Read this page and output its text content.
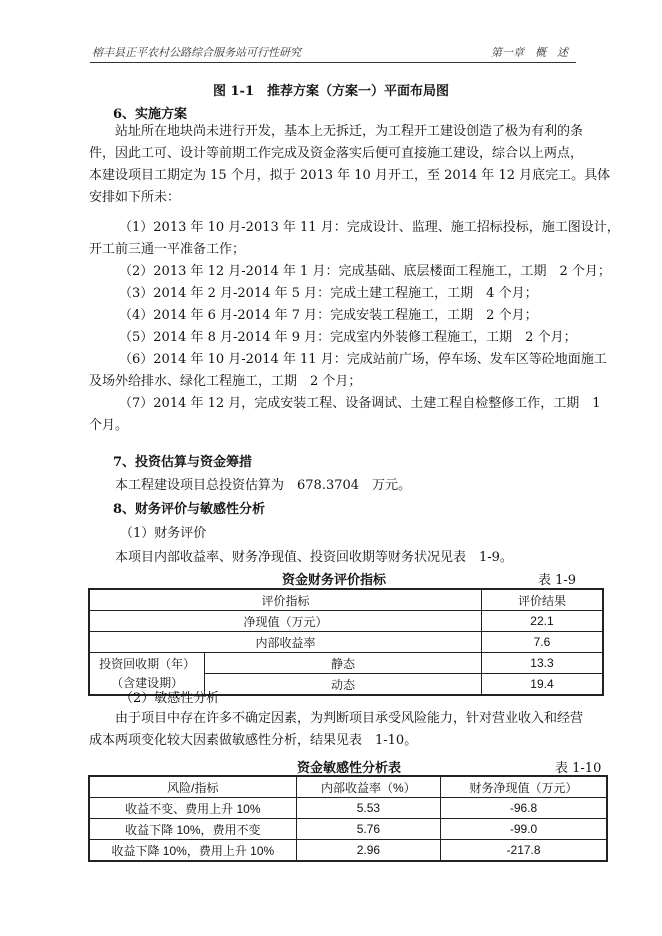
榕丰县正平农村公路综合服务站可行性研究	第一章　概　述
图 1-1　推荐方案（方案一）平面布局图
6、实施方案
站址所在地块尚未进行开发，基本上无拆迁，为工程开工建设创造了极为有利的条
件，因此工可、设计等前期工作完成及资金落实后便可直接施工建设，综合以上两点，
本建设项目工期定为 15 个月，拟于 2013 年 10 月开工，至 2014 年 12 月底完工。具体
安排如下所未：
（1）2013 年 10 月-2013 年 11 月：完成设计、监理、施工招标投标，施工图设计，
开工前三通一平准备工作；
（2）2013 年 12 月-2014 年 1 月：完成基础、底层楼面工程施工，工期　2 个月；
（3）2014 年 2 月-2014 年 5 月：完成土建工程施工，工期　4 个月；
（4）2014 年 6 月-2014 年 7 月：完成安装工程施工，工期　2 个月；
（5）2014 年 8 月-2014 年 9 月：完成室内外装修工程施工，工期　2 个月；
（6）2014 年 10 月-2014 年 11 月：完成站前广场，停车场、发车区等砼地面施工
及场外给排水、绿化工程施工，工期　2 个月；
（7）2014 年 12 月，完成安装工程、设备调试、土建工程自检整修工作，工期　1
个月。
7、投资估算与资金筹措
本工程建设项目总投资估算为　678.3704　万元。
8、财务评价与敏感性分析
（1）财务评价
本项目内部收益率、财务净现值、投资回收期等财务状况见表　1-9。
资金财务评价指标	表 1-9
评价指标		评价结果
净现值（万元）		22.1
内部收益率		7.6
投资回收期（年）
（含建设期）	静态	13.3
	动态	19.4
（2）敏感性分析
由于项目中存在许多不确定因素，为判断项目承受风险能力，针对营业收入和经营
成本两项变化较大因素做敏感性分析，结果见表　1-10。
资金敏感性分析表	表 1-10
风险/指标	内部收益率（%）	财务净现值（万元）
收益不变、费用上升 10%	5.53	-96.8
收益下降 10%，费用不变	5.76	-99.0
收益下降 10%，费用上升 10%	2.96	-217.8
